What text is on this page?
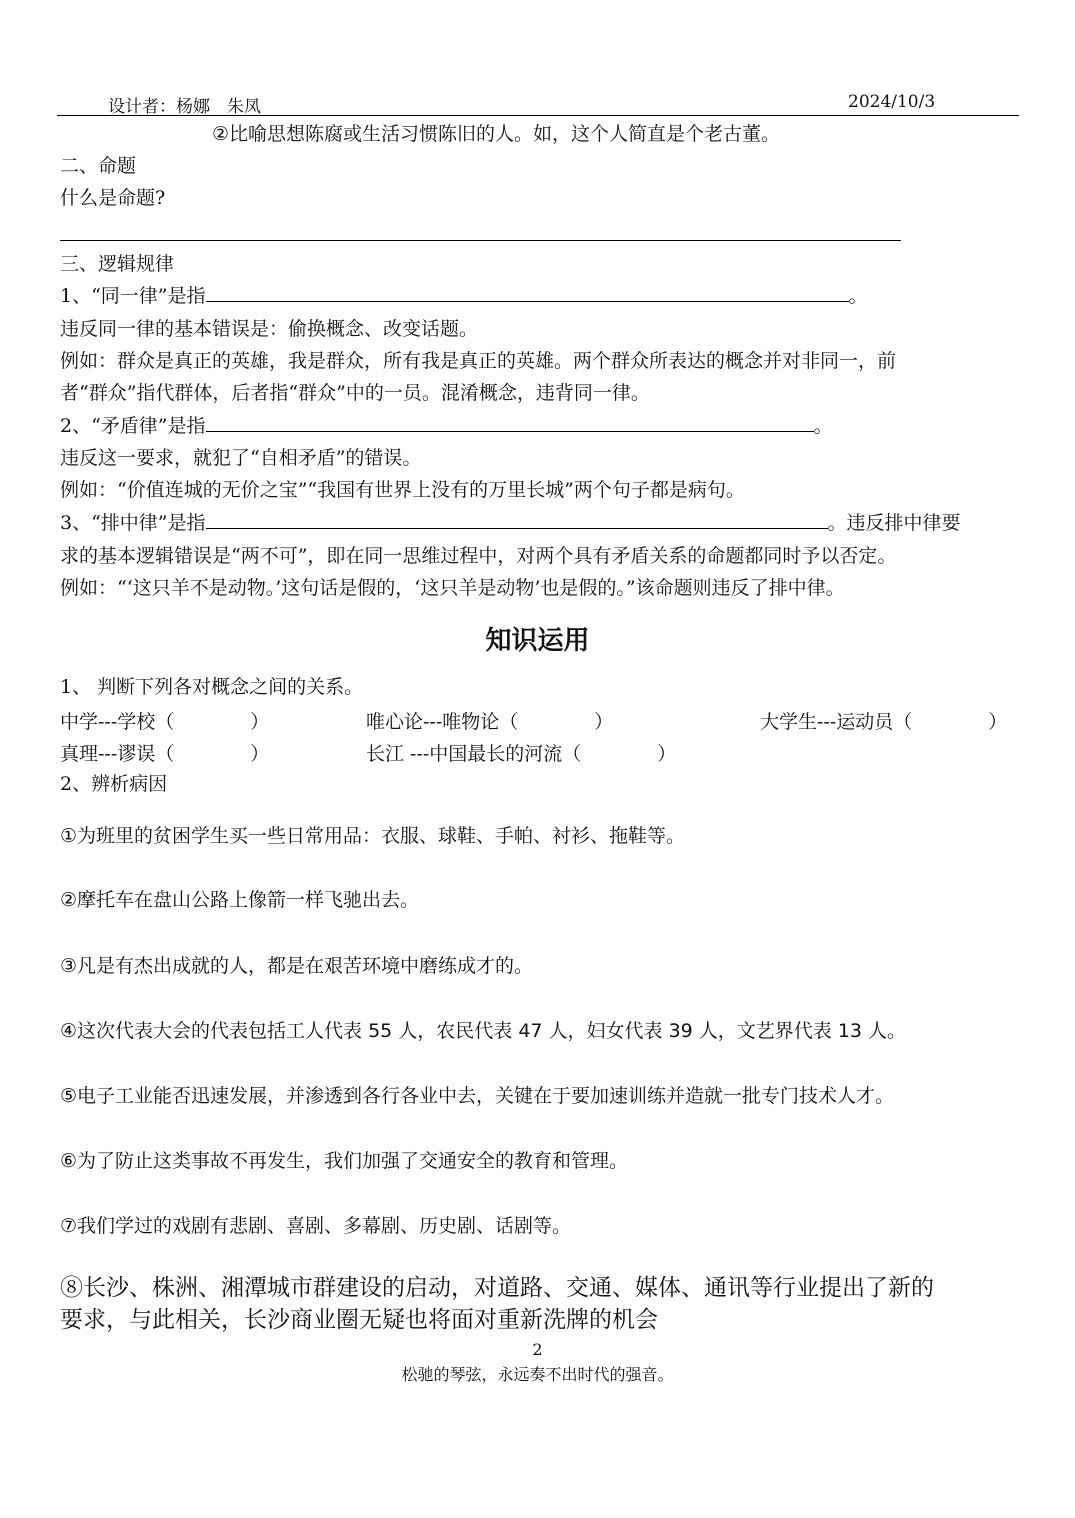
设计者：杨娜　朱凤	2024/10/3
②比喻思想陈腐或生活习惯陈旧的人。如，这个人简直是个老古董。
二、命题
什么是命题?
三、逻辑规律
1、“同一律”是指	。
违反同一律的基本错误是：偷换概念、改变话题。
例如：群众是真正的英雄，我是群众，所有我是真正的英雄。两个群众所表达的概念并对非同一，前
者“群众”指代群体，后者指“群众”中的一员。混淆概念，违背同一律。
2、“矛盾律”是指	。
违反这一要求，就犯了“自相矛盾”的错误。
例如：“价值连城的无价之宝”“我国有世界上没有的万里长城”两个句子都是病句。
3、“排中律”是指	。违反排中律要
求的基本逻辑错误是“两不可”，即在同一思维过程中，对两个具有矛盾关系的命题都同时予以否定。
例如：“‘这只羊不是动物。’这句话是假的，‘这只羊是动物’也是假的。”该命题则违反了排中律。
知识运用
1、 判断下列各对概念之间的关系。
中学---学校（　　　　）	唯心论---唯物论（　　　　）	大学生---运动员（　　　　）
真理---谬误（　　　　）	长江 ---中国最长的河流（　　　　）
2、辨析病因
①为班里的贫困学生买一些日常用品：衣服、球鞋、手帕、衬衫、拖鞋等。
②摩托车在盘山公路上像箭一样飞驰出去。
③凡是有杰出成就的人，都是在艰苦环境中磨练成才的。
④这次代表大会的代表包括工人代表 55 人，农民代表 47 人，妇女代表 39 人，文艺界代表 13 人。
⑤电子工业能否迅速发展，并渗透到各行各业中去，关键在于要加速训练并造就一批专门技术人才。
⑥为了防止这类事故不再发生，我们加强了交通安全的教育和管理。
⑦我们学过的戏剧有悲剧、喜剧、多幕剧、历史剧、话剧等。
⑧长沙、株洲、湘潭城市群建设的启动，对道路、交通、媒体、通讯等行业提出了新的
要求，与此相关，长沙商业圈无疑也将面对重新洗牌的机会
2
松驰的琴弦，永远奏不出时代的强音。
